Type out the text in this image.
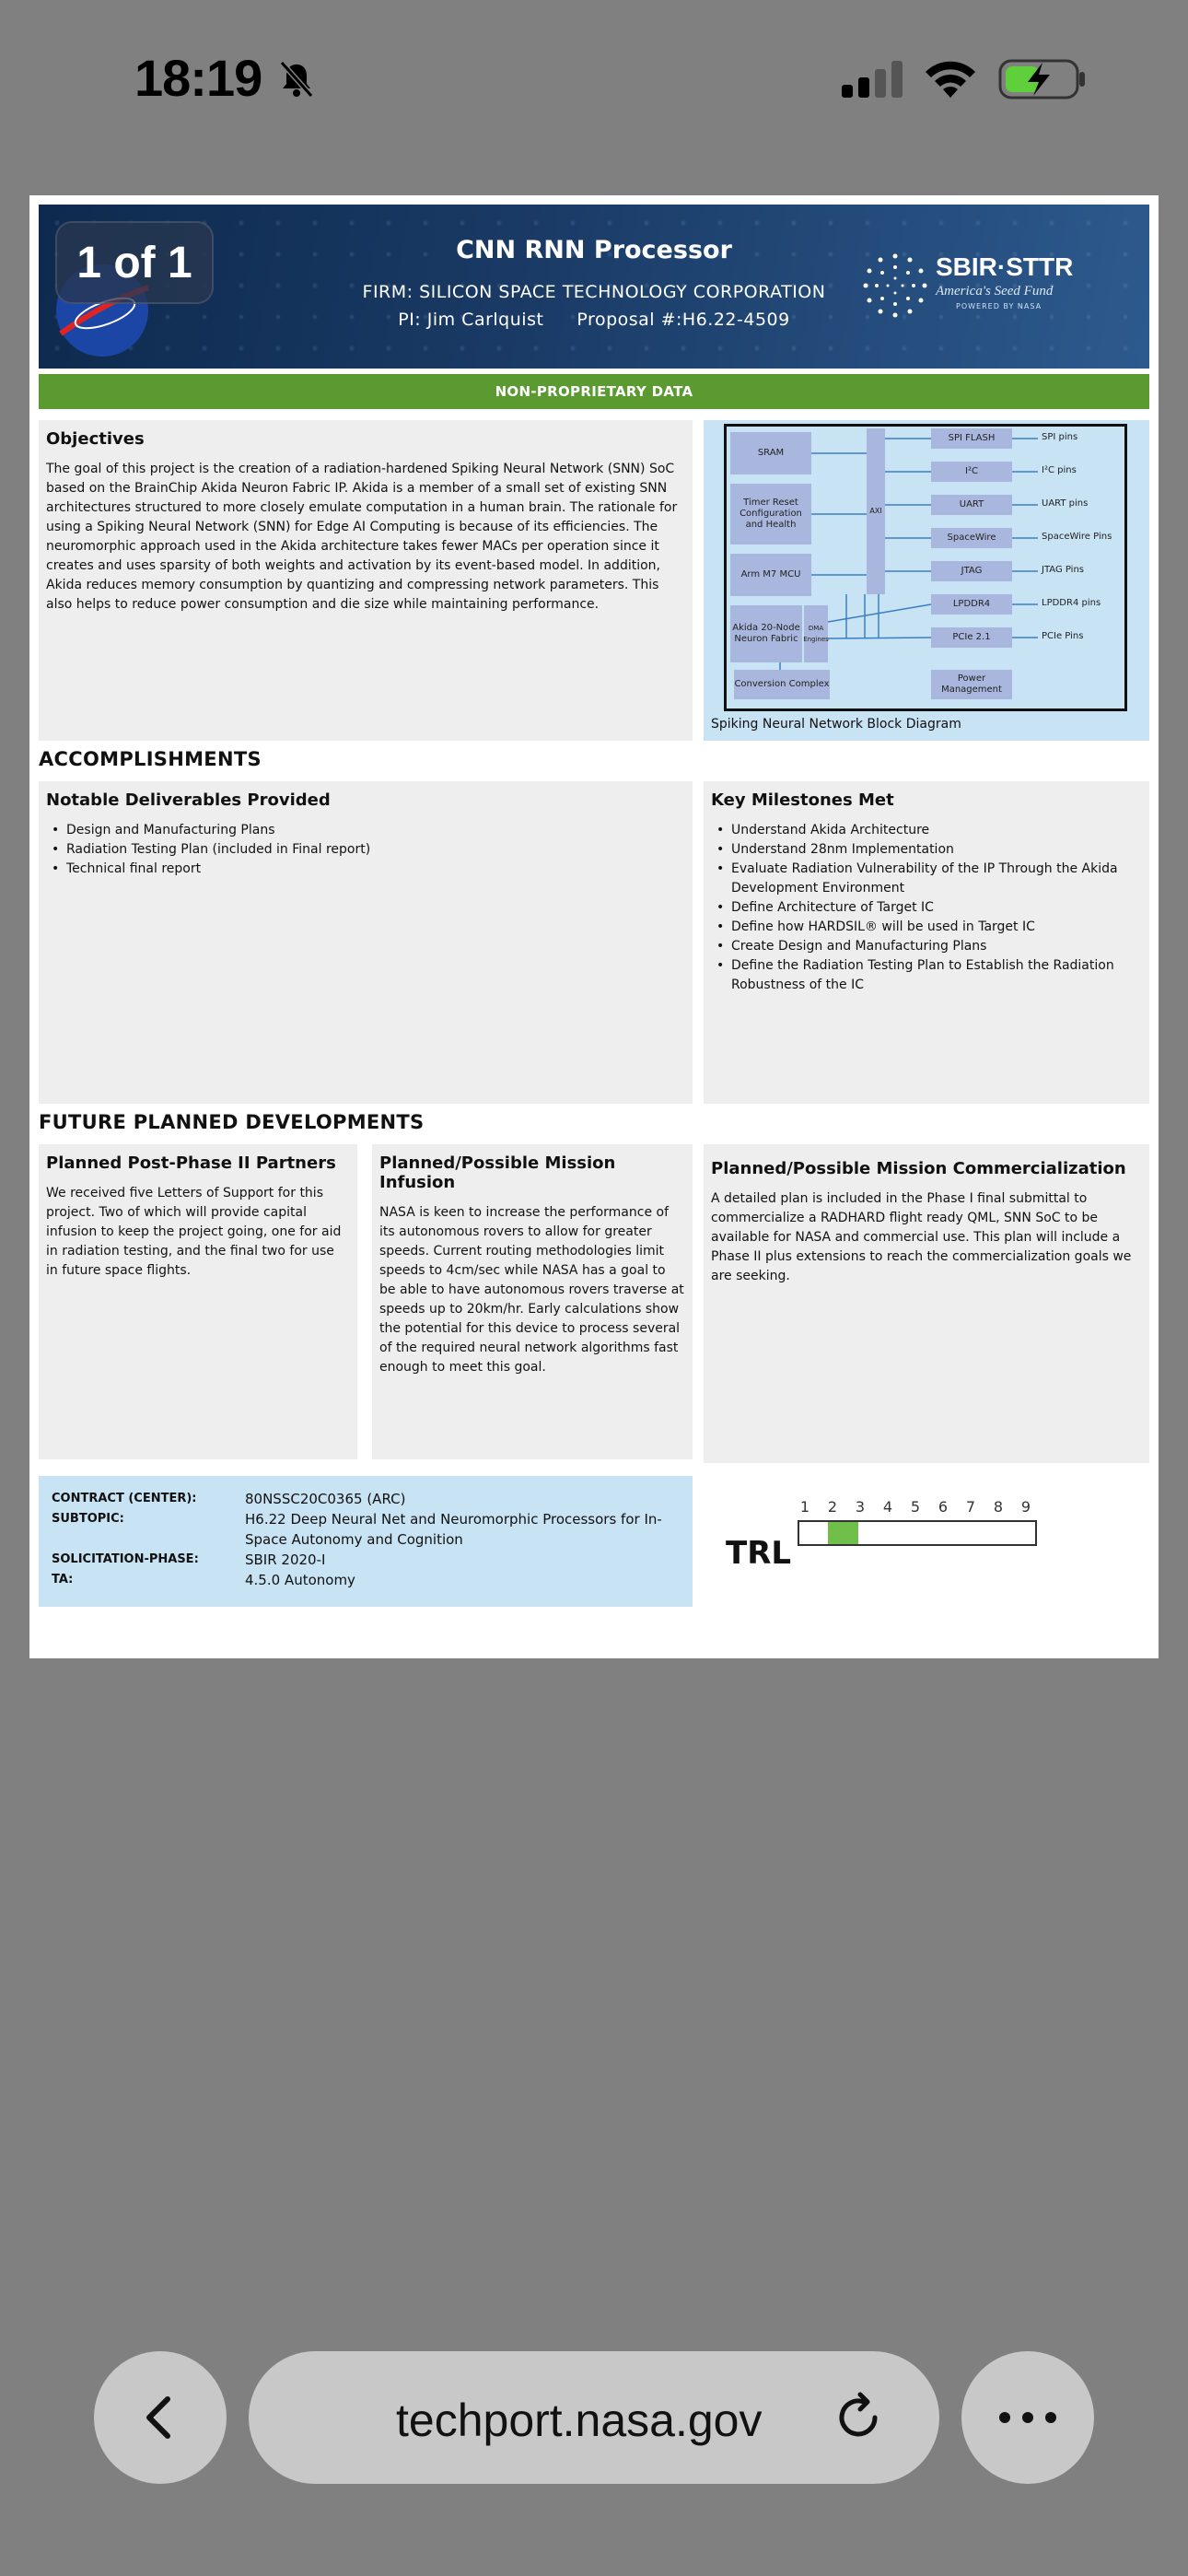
18:19
1 of 1	CNN RNN Processor
FIRM: SILICON SPACE TECHNOLOGY CORPORATION
PI: Jim Carlquist Proposal #:H6.22-4509
SBIR·STTR
America's Seed Fund
POWERED BY NASA
NON-PROPRIETARY DATA
Objectives

The goal of this project is the creation of a radiation-hardened Spiking Neural Network (SNN) SoC based on the BrainChip Akida Neuron Fabric IP. Akida is a member of a small set of existing SNN architectures structured to more closely emulate computation in a human brain. The rationale for using a Spiking Neural Network (SNN) for Edge AI Computing is because of its efficiencies. The neuromorphic approach used in the Akida architecture takes fewer MACs per operation since it creates and uses sparsity of both weights and activation by its event-based model. In addition, Akida reduces memory consumption by quantizing and compressing network parameters. This also helps to reduce power consumption and die size while maintaining performance.

SRAM
Timer Reset Configuration and Health
Arm M7 MCU
Akida 20-Node Neuron Fabric
DMA Engines
AXI
Conversion Complex
Power Management
SPI FLASH
I²C
UART
SpaceWire
JTAG
LPDDR4
PCIe 2.1
SPI pins
I²C pins
UART pins
SpaceWire Pins
JTAG Pins
LPDDR4 pins
PCIe Pins
Spiking Neural Network Block Diagram
ACCOMPLISHMENTS
Notable Deliverables Provided
• Design and Manufacturing Plans
• Radiation Testing Plan (included in Final report)
• Technical final report
Key Milestones Met
• Understand Akida Architecture
• Understand 28nm Implementation
• Evaluate Radiation Vulnerability of the IP Through the Akida Development Environment
• Define Architecture of Target IC
• Define how HARDSIL® will be used in Target IC
• Create Design and Manufacturing Plans
• Define the Radiation Testing Plan to Establish the Radiation Robustness of the IC
FUTURE PLANNED DEVELOPMENTS
Planned Post-Phase II Partners

We received five Letters of Support for this project. Two of which will provide capital infusion to keep the project going, one for aid in radiation testing, and the final two for use in future space flights.

Planned/Possible Mission Infusion

NASA is keen to increase the performance of its autonomous rovers to allow for greater speeds. Current routing methodologies limit speeds to 4cm/sec while NASA has a goal to be able to have autonomous rovers traverse at speeds up to 20km/hr. Early calculations show the potential for this device to process several of the required neural network algorithms fast enough to meet this goal.

Planned/Possible Mission Commercialization

A detailed plan is included in the Phase I final submittal to commercialize a RADHARD flight ready QML, SNN SoC to be available for NASA and commercial use. This plan will include a Phase II plus extensions to reach the commercialization goals we are seeking.

CONTRACT (CENTER):	80NSSC20C0365 (ARC)
SUBTOPIC:	H6.22 Deep Neural Net and Neuromorphic Processors for In-Space Autonomy and Cognition
SOLICITATION-PHASE:	SBIR 2020-I
TA:	4.5.0 Autonomy
TRL
1 2 3 4 5 6 7 8 9
techport.nasa.gov
